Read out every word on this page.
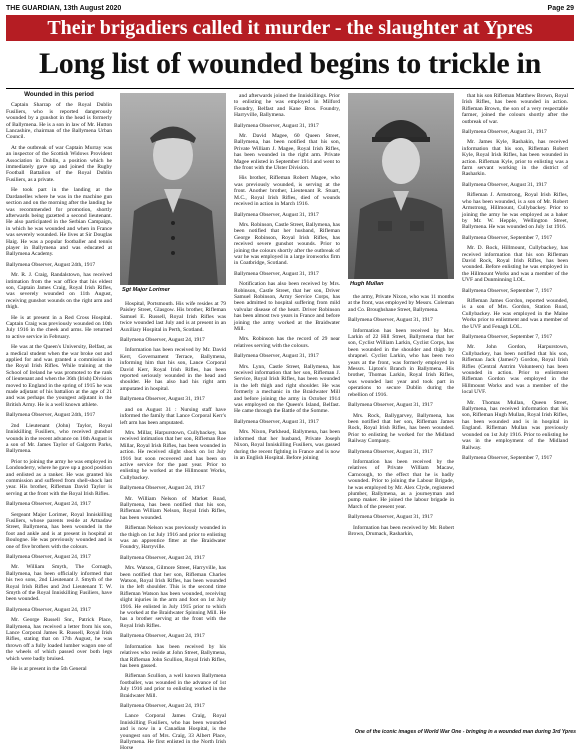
THE GUARDIAN, 13th August 2020	Page 29
Their brigadiers called it murder - the slaughter at Ypres
Long list of wounded begins to trickle in
Wounded in this period

Captain Sharrap of the Royal Dublin Fusiliers, who is reported dangerously wounded by a gunshot in the head is formerly of Ballymena. He is a son in law of Mr. Hutton Lancashire, chairman of the Ballymena Urban Council.

At the outbreak of war Captain Murray was an inspector of the Scottish Widows Provident Association in Dublin, a position which he immediately gave up and joined the Rugby Football Battalion of the Royal Dublin Fusiliers, as a private.

He took part in the landing at the Dardanelles where he was in the machine gun section and on the morning after the landing he was recommended for promotion, shortly afterwards being gazetted a second lieutenant. He also participated in the Serbian Campaign, in which he was wounded and when in France was severely wounded. He lives at Sir Douglas Haig. He was a popular footballer and tennis player in Ballymena and was educated at Ballymena Academy.

Ballymena Observer, August 24th, 1917

Mr. R. J. Craig, Randalstown, has received intimation from the war office that his eldest son, Captain James Craig, Royal Irish Rifles, was severely wounded on 11th August, receiving gunshot wounds on the right arm and thigh.

He is at present in a Red Cross Hospital. Captain Craig was previously wounded on 10th July 1916 in the cheek and arms. He returned to active service in February.

He was at the Queen's University, Belfast, as a medical student when the war broke out and applied for and was granted a commission in the Royal Irish Rifles. While training at the School of Ireland he was promoted to the rank of lieutenant and when the 36th (Irish) Division moved to England in the spring of 1915 he was made adjutant of his battalion at the age of 21 and was perhaps the youngest adjutant in the British Army. He is a well known athlete.

Ballymena Observer, August 24th, 1917

2nd Lieutenant (John) Taylor, Royal Inniskilling Fusiliers, who received gunshot wounds in the recent advance on 16th August is a son of Mr. James Taylor of Galgorm Parks, Ballymena.

Prior to joining the army he was employed in Londonderry, where he gave up a good position and enlisted as a ranker. He was granted his commission and suffered from shell-shock last year. His brother, Rifleman David Taylor is serving at the front with the Royal Irish Rifles.

Ballymena Observer, August 24, 1917

Sergeant Major Lorimer, Royal Inniskilling Fusiliers, whose parents reside at Artnadaw Street, Ballymena, has been wounded in the foot and ankle and is at present in hospital at Boulogne. He was previously wounded and is one of five brothers with the colours.

Ballymena Observer, August 24, 1917

Mr. William Smyth, The Cornagh, Ballymena, has been officially informed that his two sons, 2nd Lieutenant J. Smyth of the Royal Irish Rifles and 2nd Lieutenant T. W. Smyth of the Royal Inniskilling Fusiliers, have been wounded.

Ballymena Observer, August 24, 1917

Mr. George Russell Snr., Patrick Place, Ballymena, has received a letter from his son, Lance Corporal James R. Russell, Royal Irish Rifles, stating that on 17th August, he was thrown off a fully loaded lumber wagon one of the wheels of which passed over both legs which were badly bruised.

He is at present in the 5th General

Sgt Major Lorimer

Hospital, Portsmouth. His wife resides at 79 Paisley Street, Glasgow. His brother, Rifleman Samuel E. Russell, Royal Irish Rifles was twice wounded last July and is at present in an Auxiliary Hospital in Perth, Scotland.

Ballymena Observer, August 24, 1917

Information has been received by Mr. David Kerr, Governament Terrace, Ballymena, informing him that his son, Lance Corporal David Kerr, Royal Irish Rifles, has been reported seriously wounded in the head and shoulder. He has also had his right arm amputated in hospital.

Ballymena Observer, August 31, 1917

and on August 31 : Nursing staff have informed the family that Lance Corporal Kerr's left arm has been amputated.

Mrs. Millar, Harpurstown, Cullybackey, has received intimation that her son, Rifleman Roe Millar, Royal Irish Rifles, has been wounded in action. He received slight shock on 1st July 1916 but soon recovered and has been on active service for the past year. Prior to enlisting he worked at the Hillmount Works, Cullybackey.

Ballymena Observer, August 24, 1917

Mr. William Nelson of Market Road, Ballymena, has been notified that his son, Rifleman William Nelson, Royal Irish Rifles, has been wounded.

Rifleman Nelson was previously wounded in the thigh on 1st July 1916 and prior to enlisting was an apprentice fitter at the Braidwater Foundry, Harryville.

Ballymena Observer, August 24, 1917

Mrs. Watson, Gilmore Street, Harryville, has been notified that her son, Rifleman Charles Watson, Royal Irish Rifles, has been wounded in the left shoulder. This is the second time Rifleman Watson has been wounded, receiving slight injuries in the arm and foot on 1st July 1916. He enlisted in July 1915 prior to which he worked at the Braidwater Spinning Mill. He has a brother serving at the front with the Royal Irish Rifles.

Ballymena Observer, August 24, 1917

Information has been received by his relatives who reside at John Street, Ballymena, that Rifleman John Scullion, Royal Irish Rifles, has been gassed.

Rifleman Scullion, a well known Ballymena footballer, was wounded in the advance of 1st July 1916 and prior to enlisting worked in the Braidwater Mill.

Ballymena Observer, August 24, 1917

Lance Corporal James Craig, Royal Inniskilling Fusiliers, who has been wounded and is now in a Canadian Hospital, is the youngest son of Mrs. Craig, 33 Albert Place, Ballymena. He first enlisted in the North Irish Horse

and afterwards joined the Inniskillings. Prior to enlisting he was employed in Milford Foundry, Belfast and Kane Bros. Foundry, Harryville, Ballymena.

Ballymena Observer, August 31, 1917

Mr. David Magee, 60 Queen Street, Ballymena, has been notified that his son, Private William J. Magee, Royal Irish Rifles, has been wounded in the right arm. Private Magee enlisted in September 1914 and went to the front with the Ulster Division.

His brother, Rifleman Robert Magee, who was previously wounded, is serving at the front. Another brother, Lieutenant R. Stuart, M.C., Royal Irish Rifles, died of wounds received in action in March 1916.

Ballymena Observer, August 31, 1917

Mrs. Robinson, Castle Street, Ballymena, has been notified that her husband, Rifleman George Robinson, Royal Irish Rifles, has received severe gunshot wounds. Prior to joining the colours shortly after the outbreak of war he was employed in a large ironworks firm in Coatbridge, Scotland.

Ballymena Observer, August 31, 1917

Notification has also been received by Mrs. Robinson, Castle Street, that her son, Driver Samuel Robinson, Army Service Corps, has been admitted to hospital suffering from mild valvular disease of the heart. Driver Robinson has been almost two years in France and before joining the army worked at the Braidwater Mill.

Mrs. Robinson has the record of 29 near relatives serving with the colours.

Ballymena Observer, August 31, 1917

Mrs. Lynn, Castle Street, Ballymena, has received information that her son, Rifleman J. Service, Royal Irish Rifles, has been wounded in the left thigh and right shoulder. He was formerly a mechanic in the Braidwater Mill and before joining the army in October 1914 was employed on the Queen's Island, Belfast. He came through the Battle of the Somme.

Ballymena Observer, August 31, 1917

Mrs. Nixon, Parkhead, Ballymena, has been informed that her husband, Private Joseph Nixon, Royal Inniskilling Fusiliers, was gassed during the recent fighting in France and is now in an English Hospital. Before joining

Hugh Mullan

the army, Private Nixon, who was 11 months at the front, was employed by Messrs. Coleman and Co. Broughshane Street, Ballymena.

Ballymena Observer, August 31, 1917

Information has been received by Mrs. Larkin of 22 Hill Street, Ballymena that her son, Cyclist William Larkin, Cyclist Corps, has been wounded in the shoulder and thigh by shrapnel. Cyclist Larkin, who has been two years at the front, was formerly employed in Messrs. Lipton's Branch in Ballymena. His brother, Thomas Larkin, Royal Irish Rifles, was wounded last year and took part in operations to secure Dublin during the rebellion of 1916.

Ballymena Observer, August 31, 1917

Mrs. Rock, Ballygarvey, Ballymena, has been notified that her son, Rifleman James Rock, Royal Irish Rifles, has been wounded. Prior to enlisting he worked for the Midland Railway Company.

Ballymena Observer, August 31, 1917

Information has been received by the relatives of Private William Macaw, Carncough, to the effect that he is badly wounded. Prior to joining the Labour Brigade, he was employed by Mr. Alex Clyde, registered plumber, Ballymena, as a journeyman and pump maker. He joined the labour brigade in March of the present year.

Ballymena Observer, August 31, 1917

Information has been received by Mr. Robert Brown, Drumack, Rasharkin,

that his son Rifleman Matthew Brown, Royal Irish Rifles, has been wounded in action. Rifleman Brown, the son of a very respectable farmer, joined the colours shortly after the outbreak of war.

Ballymena Observer, August 31, 1917

Mr. James Kyle, Rashakin, has received information that his son, Rifleman Robert Kyle, Royal Irish Rifles, has been wounded in action. Rifleman Kyle, prior to enlisting was a farm servant working in the district of Rasharkin.

Ballymena Observer, August 31, 1917

Rifleman J. Armstrong, Royal Irish Rifles, who has been wounded, is a son of Mr. Robert Armstrong, Hillmount, Cullybackey. Prior to joining the army he was employed as a baker by Mr. W. Hepple, Wellington Street, Ballymena. He was wounded on July 1st 1916.

Ballymena Observer, September 7, 1917

Mr. D. Rock, Hillmount, Cullybackey, has received information that his son Rifleman David Rock, Royal Irish Rifles, has been wounded. Before enlisting he was employed in the Hillmount Works and was a member of the UVF and Dunminning LOL.

Ballymena Observer, September 7, 1917

Rifleman James Gordon, reported wounded, is a son of Mrs. Gordon, Station Road, Cullybackey. He was employed in the Maine Works prior to enlistment and was a member of the UVF and Fenagh LOL.

Ballymena Observer, September 7, 1917

Mr. John Gordon, Harpurstown, Cullybackey, has been notified that his son, Rifleman Jack (James?) Gordon, Royal Irish Rifles (Central Antrim Volunteers) has been wounded in action. Prior to enlistment Rifleman Gordon was employed in the Hillmount Works and was a member of the local UVF.

Mr. Thomas Mullan, Queen Street, Ballymena, has received information that his son, Rifleman Hugh Mullan, Royal Irish Rifles, has been wounded and is in hospital in England. Rifleman Mullan was previously wounded on 1st July 1916. Prior to enlisting he was in the employment of the Midland Railway.

Ballymena Observer, September 7, 1917

One of the iconic images of World War One - bringing in a wounded man during 3rd Ypres
